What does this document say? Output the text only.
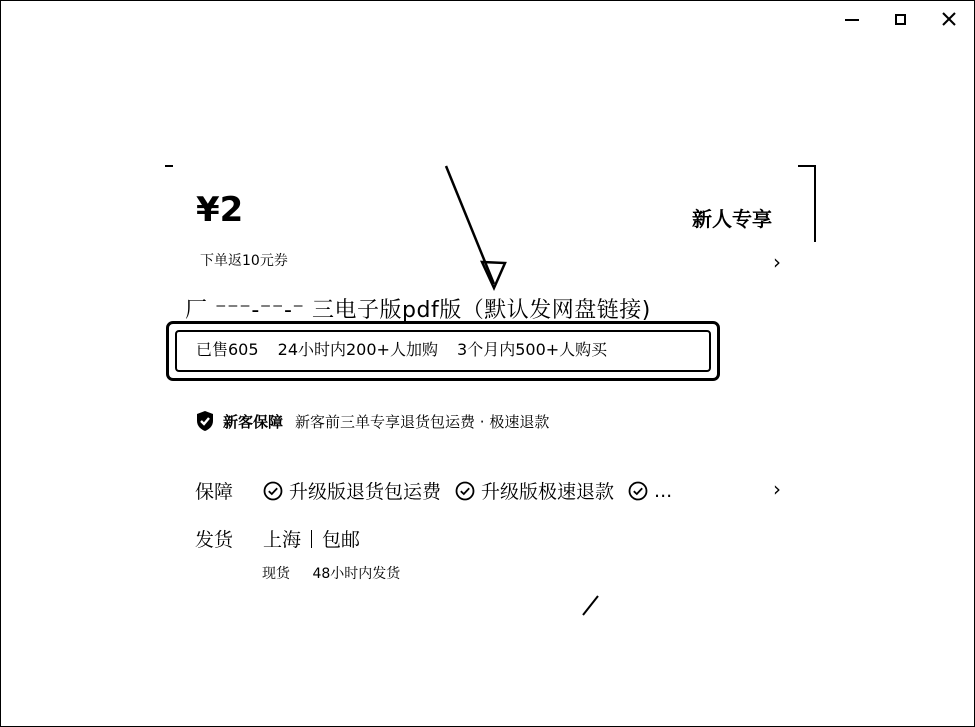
¥2	新人专享
下单返10元券	›
厂 ⁻⁻⁻-⁻⁻-⁻ 三电子版pdf版（默认发网盘链接)
已售605 24小时内200+人加购 3个月内500+人购买
新客保障 新客前三单专享退货包运费 · 极速退款
保障	升级版退货包运费 升级版极速退款 ...	›
发货	上海 包邮
现货 48小时内发货
